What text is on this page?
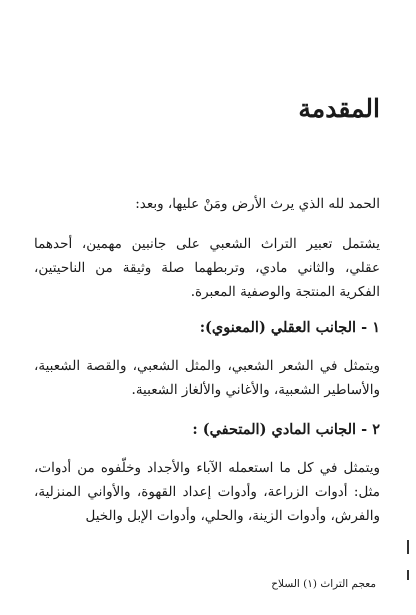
المقدمة

الحمد لله الذي يرث الأرض ومَنْ عليها، وبعد:

يشتمل تعبير التراث الشعبي على جانبين مهمين، أحدهما عقلي، والثاني مادي، وتربطهما صلة وثيقة من الناحيتين، الفكرية المنتجة والوصفية المعبرة.

١ - الجانب العقلي (المعنوي):

ويتمثل في الشعر الشعبي، والمثل الشعبي، والقصة الشعبية، والأساطير الشعبية، والأغاني والألغاز الشعبية.

٢ - الجانب المادي (المتحفي) :

ويتمثل في كل ما استعمله الآباء والأجداد وخلّفوه من أدوات، مثل: أدوات الزراعة، وأدوات إعداد القهوة، والأواني المنزلية، والفرش، وأدوات الزينة، والحلي، وأدوات الإبل والخيل

معجم التراث (١) السلاح
